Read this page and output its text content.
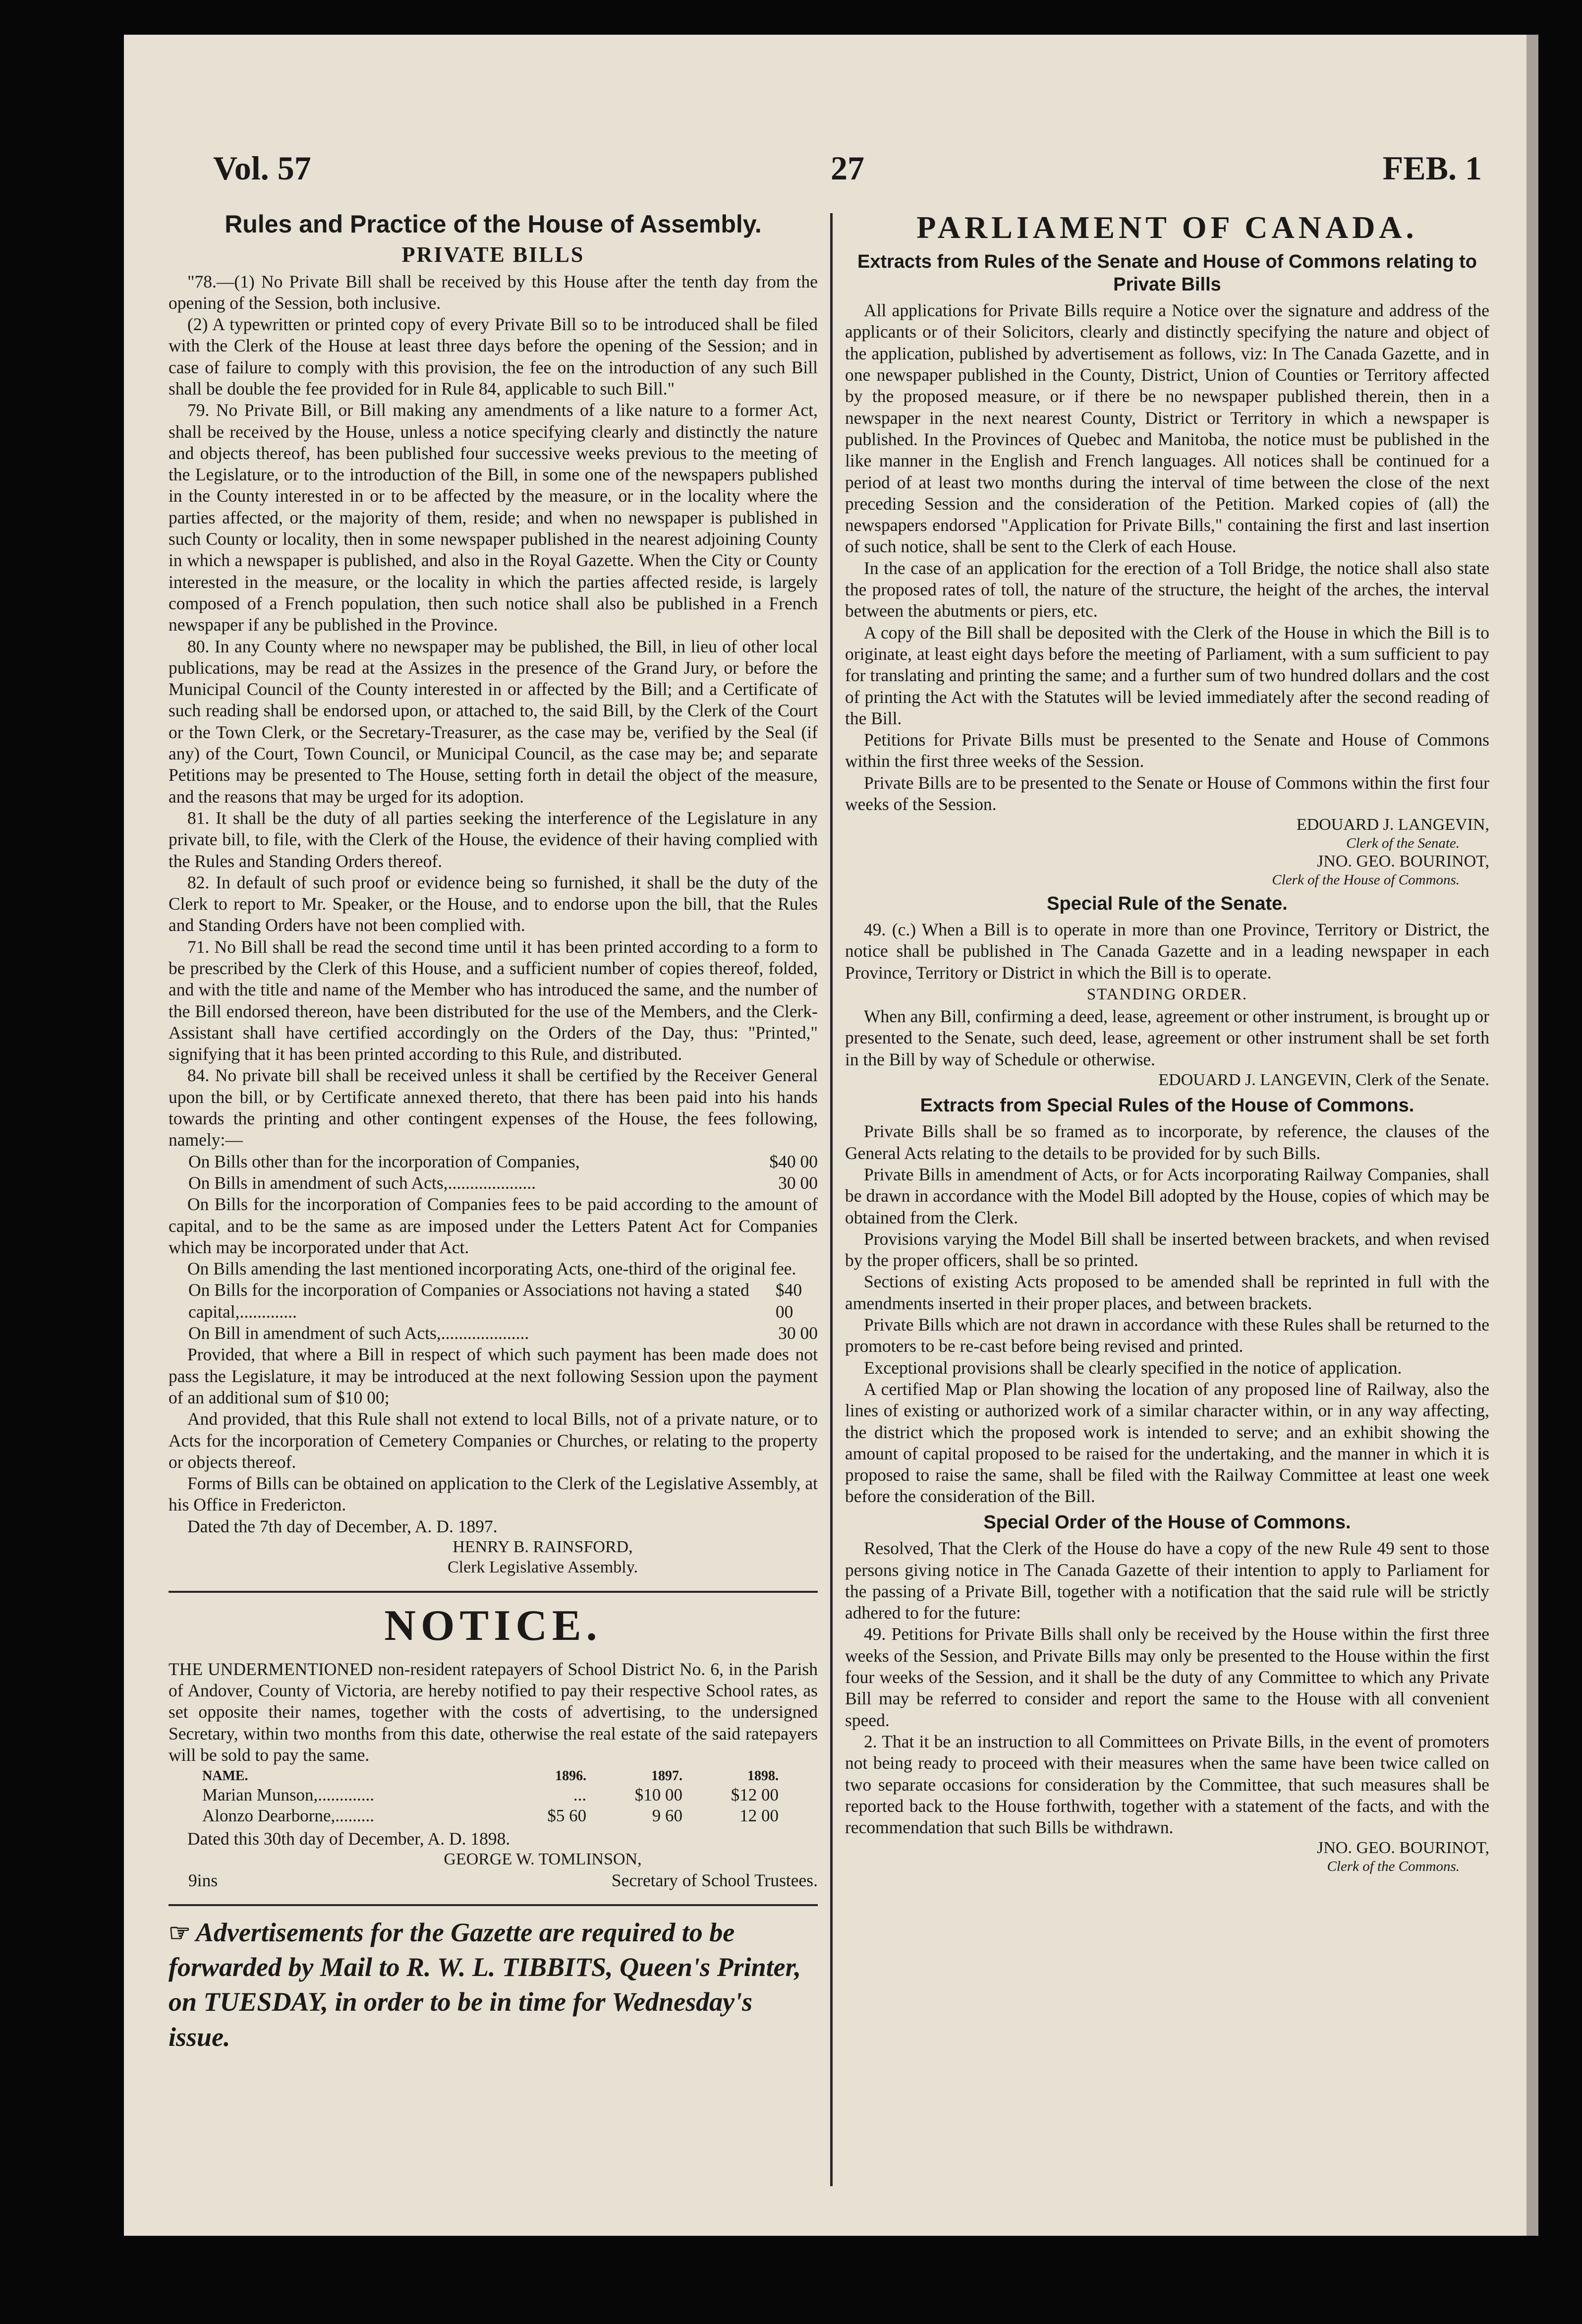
Vol. 57	27	FEB. 1
Rules and Practice of the House of Assembly.
PRIVATE BILLS

"78.—(1) No Private Bill shall be received by this House after the tenth day from the opening of the Session, both inclusive.

(2) A typewritten or printed copy of every Private Bill so to be introduced shall be filed with the Clerk of the House at least three days before the opening of the Session; and in case of failure to comply with this provision, the fee on the introduction of any such Bill shall be double the fee provided for in Rule 84, applicable to such Bill."

79. No Private Bill, or Bill making any amendments of a like nature to a former Act, shall be received by the House, unless a notice specifying clearly and distinctly the nature and objects thereof, has been published four successive weeks previous to the meeting of the Legislature, or to the introduction of the Bill, in some one of the newspapers published in the County interested in or to be affected by the measure, or in the locality where the parties affected, or the majority of them, reside; and when no newspaper is published in such County or locality, then in some newspaper published in the nearest adjoining County in which a newspaper is published, and also in the Royal Gazette. When the City or County interested in the measure, or the locality in which the parties affected reside, is largely composed of a French population, then such notice shall also be published in a French newspaper if any be published in the Province.

80. In any County where no newspaper may be published, the Bill, in lieu of other local publications, may be read at the Assizes in the presence of the Grand Jury, or before the Municipal Council of the County interested in or affected by the Bill; and a Certificate of such reading shall be endorsed upon, or attached to, the said Bill, by the Clerk of the Court or the Town Clerk, or the Secretary-Treasurer, as the case may be, verified by the Seal (if any) of the Court, Town Council, or Municipal Council, as the case may be; and separate Petitions may be presented to The House, setting forth in detail the object of the measure, and the reasons that may be urged for its adoption.

81. It shall be the duty of all parties seeking the interference of the Legislature in any private bill, to file, with the Clerk of the House, the evidence of their having complied with the Rules and Standing Orders thereof.

82. In default of such proof or evidence being so furnished, it shall be the duty of the Clerk to report to Mr. Speaker, or the House, and to endorse upon the bill, that the Rules and Standing Orders have not been complied with.

71. No Bill shall be read the second time until it has been printed according to a form to be prescribed by the Clerk of this House, and a sufficient number of copies thereof, folded, and with the title and name of the Member who has introduced the same, and the number of the Bill endorsed thereon, have been distributed for the use of the Members, and the Clerk-Assistant shall have certified accordingly on the Orders of the Day, thus: "Printed," signifying that it has been printed according to this Rule, and distributed.

84. No private bill shall be received unless it shall be certified by the Receiver General upon the bill, or by Certificate annexed thereto, that there has been paid into his hands towards the printing and other contingent expenses of the House, the fees following, namely:—

On Bills other than for the incorporation of Companies,	$40 00
On Bills in amendment of such Acts,....................	30 00

On Bills for the incorporation of Companies fees to be paid according to the amount of capital, and to be the same as are imposed under the Letters Patent Act for Companies which may be incorporated under that Act.

On Bills amending the last mentioned incorporating Acts, one-third of the original fee.

On Bills for the incorporation of Companies or Associations not having a stated capital,.............
$40 00
On Bill in amendment of such Acts,....................	30 00

Provided, that where a Bill in respect of which such payment has been made does not pass the Legislature, it may be introduced at the next following Session upon the payment of an additional sum of $10 00;

And provided, that this Rule shall not extend to local Bills, not of a private nature, or to Acts for the incorporation of Cemetery Companies or Churches, or relating to the property or objects thereof.

Forms of Bills can be obtained on application to the Clerk of the Legislative Assembly, at his Office in Fredericton.

Dated the 7th day of December, A. D. 1897.

HENRY B. RAINSFORD,
Clerk Legislative Assembly.
NOTICE.

THE UNDERMENTIONED non-resident ratepayers of School District No. 6, in the Parish of Andover, County of Victoria, are hereby notified to pay their respective School rates, as set opposite their names, together with the costs of advertising, to the undersigned Secretary, within two months from this date, otherwise the real estate of the said ratepayers will be sold to pay the same.

NAME.	1896.	1897.	1898.
Marian Munson,.............	...	$10 00	$12 00
Alonzo Dearborne,.........	$5 60	9 60	12 00

Dated this 30th day of December, A. D. 1898.

GEORGE W. TOMLINSON,
9ins	Secretary of School Trustees.
☞ Advertisements for the Gazette are required to be forwarded by Mail to R. W. L. TIBBITS, Queen's Printer, on TUESDAY, in order to be in time for Wednesday's issue.
PARLIAMENT OF CANADA.
Extracts from Rules of the Senate and House of Commons relating to Private Bills

All applications for Private Bills require a Notice over the signature and address of the applicants or of their Solicitors, clearly and distinctly specifying the nature and object of the application, published by advertisement as follows, viz: In The Canada Gazette, and in one newspaper published in the County, District, Union of Counties or Territory affected by the proposed measure, or if there be no newspaper published therein, then in a newspaper in the next nearest County, District or Territory in which a newspaper is published. In the Provinces of Quebec and Manitoba, the notice must be published in the like manner in the English and French languages. All notices shall be continued for a period of at least two months during the interval of time between the close of the next preceding Session and the consideration of the Petition. Marked copies of (all) the newspapers endorsed "Application for Private Bills," containing the first and last insertion of such notice, shall be sent to the Clerk of each House.

In the case of an application for the erection of a Toll Bridge, the notice shall also state the proposed rates of toll, the nature of the structure, the height of the arches, the interval between the abutments or piers, etc.

A copy of the Bill shall be deposited with the Clerk of the House in which the Bill is to originate, at least eight days before the meeting of Parliament, with a sum sufficient to pay for translating and printing the same; and a further sum of two hundred dollars and the cost of printing the Act with the Statutes will be levied immediately after the second reading of the Bill.

Petitions for Private Bills must be presented to the Senate and House of Commons within the first three weeks of the Session.

Private Bills are to be presented to the Senate or House of Commons within the first four weeks of the Session.

EDOUARD J. LANGEVIN,
Clerk of the Senate.
JNO. GEO. BOURINOT,
Clerk of the House of Commons.
Special Rule of the Senate.

49. (c.) When a Bill is to operate in more than one Province, Territory or District, the notice shall be published in The Canada Gazette and in a leading newspaper in each Province, Territory or District in which the Bill is to operate.

STANDING ORDER.

When any Bill, confirming a deed, lease, agreement or other instrument, is brought up or presented to the Senate, such deed, lease, agreement or other instrument shall be set forth in the Bill by way of Schedule or otherwise.

EDOUARD J. LANGEVIN, Clerk of the Senate.
Extracts from Special Rules of the House of Commons.

Private Bills shall be so framed as to incorporate, by reference, the clauses of the General Acts relating to the details to be provided for by such Bills.

Private Bills in amendment of Acts, or for Acts incorporating Railway Companies, shall be drawn in accordance with the Model Bill adopted by the House, copies of which may be obtained from the Clerk.

Provisions varying the Model Bill shall be inserted between brackets, and when revised by the proper officers, shall be so printed.

Sections of existing Acts proposed to be amended shall be reprinted in full with the amendments inserted in their proper places, and between brackets.

Private Bills which are not drawn in accordance with these Rules shall be returned to the promoters to be re-cast before being revised and printed.

Exceptional provisions shall be clearly specified in the notice of application.

A certified Map or Plan showing the location of any proposed line of Railway, also the lines of existing or authorized work of a similar character within, or in any way affecting, the district which the proposed work is intended to serve; and an exhibit showing the amount of capital proposed to be raised for the undertaking, and the manner in which it is proposed to raise the same, shall be filed with the Railway Committee at least one week before the consideration of the Bill.

Special Order of the House of Commons.

Resolved, That the Clerk of the House do have a copy of the new Rule 49 sent to those persons giving notice in The Canada Gazette of their intention to apply to Parliament for the passing of a Private Bill, together with a notification that the said rule will be strictly adhered to for the future:

49. Petitions for Private Bills shall only be received by the House within the first three weeks of the Session, and Private Bills may only be presented to the House within the first four weeks of the Session, and it shall be the duty of any Committee to which any Private Bill may be referred to consider and report the same to the House with all convenient speed.

2. That it be an instruction to all Committees on Private Bills, in the event of promoters not being ready to proceed with their measures when the same have been twice called on two separate occasions for consideration by the Committee, that such measures shall be reported back to the House forthwith, together with a statement of the facts, and with the recommendation that such Bills be withdrawn.

JNO. GEO. BOURINOT,
Clerk of the Commons.
